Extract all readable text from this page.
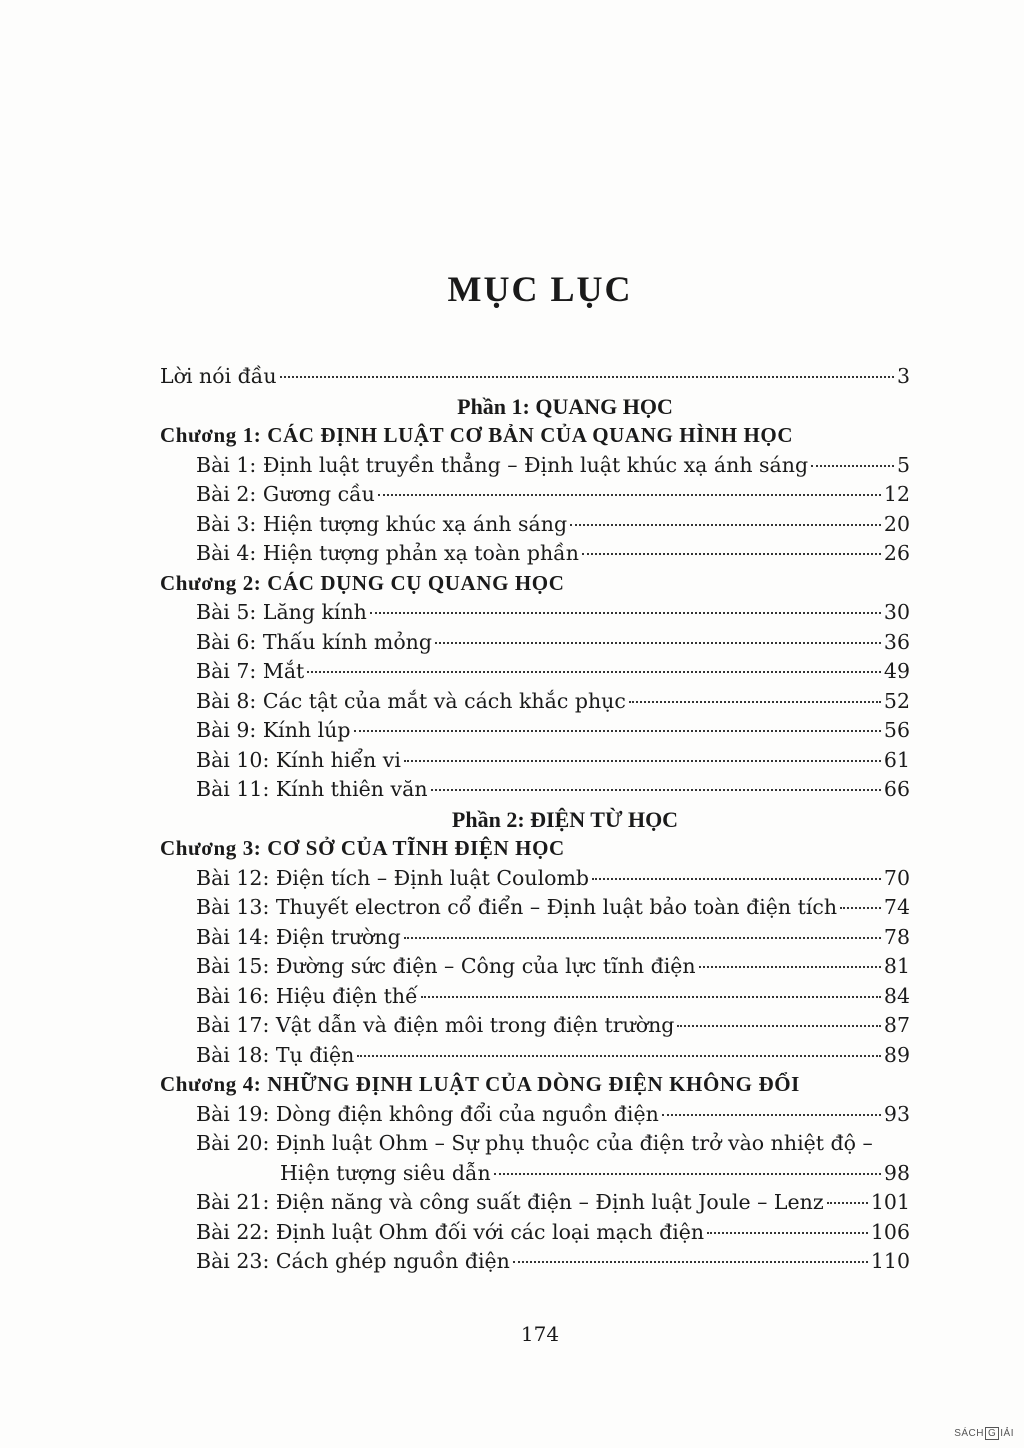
MỤC LỤC
Lời nói đầu	3
Phần 1: QUANG HỌC
Chương 1: CÁC ĐỊNH LUẬT CƠ BẢN CỦA QUANG HÌNH HỌC
Bài 1: Định luật truyền thẳng – Định luật khúc xạ ánh sáng	5
Bài 2: Gương cầu	12
Bài 3: Hiện tượng khúc xạ ánh sáng	20
Bài 4: Hiện tượng phản xạ toàn phần	26
Chương 2: CÁC DỤNG CỤ QUANG HỌC
Bài 5: Lăng kính	30
Bài 6: Thấu kính mỏng	36
Bài 7: Mắt	49
Bài 8: Các tật của mắt và cách khắc phục	52
Bài 9: Kính lúp	56
Bài 10: Kính hiển vi	61
Bài 11: Kính thiên văn	66
Phần 2: ĐIỆN TỪ HỌC
Chương 3: CƠ SỞ CỦA TĨNH ĐIỆN HỌC
Bài 12: Điện tích – Định luật Coulomb	70
Bài 13: Thuyết electron cổ điển – Định luật bảo toàn điện tích 74
Bài 14: Điện trường	78
Bài 15: Đường sức điện – Công của lực tĩnh điện	81
Bài 16: Hiệu điện thế	84
Bài 17: Vật dẫn và điện môi trong điện trường	87
Bài 18: Tụ điện	89
Chương 4: NHỮNG ĐỊNH LUẬT CỦA DÒNG ĐIỆN KHÔNG ĐỔI
Bài 19: Dòng điện không đổi của nguồn điện	93
Bài 20: Định luật Ohm – Sự phụ thuộc của điện trở vào nhiệt độ –
Hiện tượng siêu dẫn	98
Bài 21: Điện năng và công suất điện – Định luật Joule – Lenz 101
Bài 22: Định luật Ohm đối với các loại mạch điện	106
Bài 23: Cách ghép nguồn điện	110
174
SÁCH G IẢI
